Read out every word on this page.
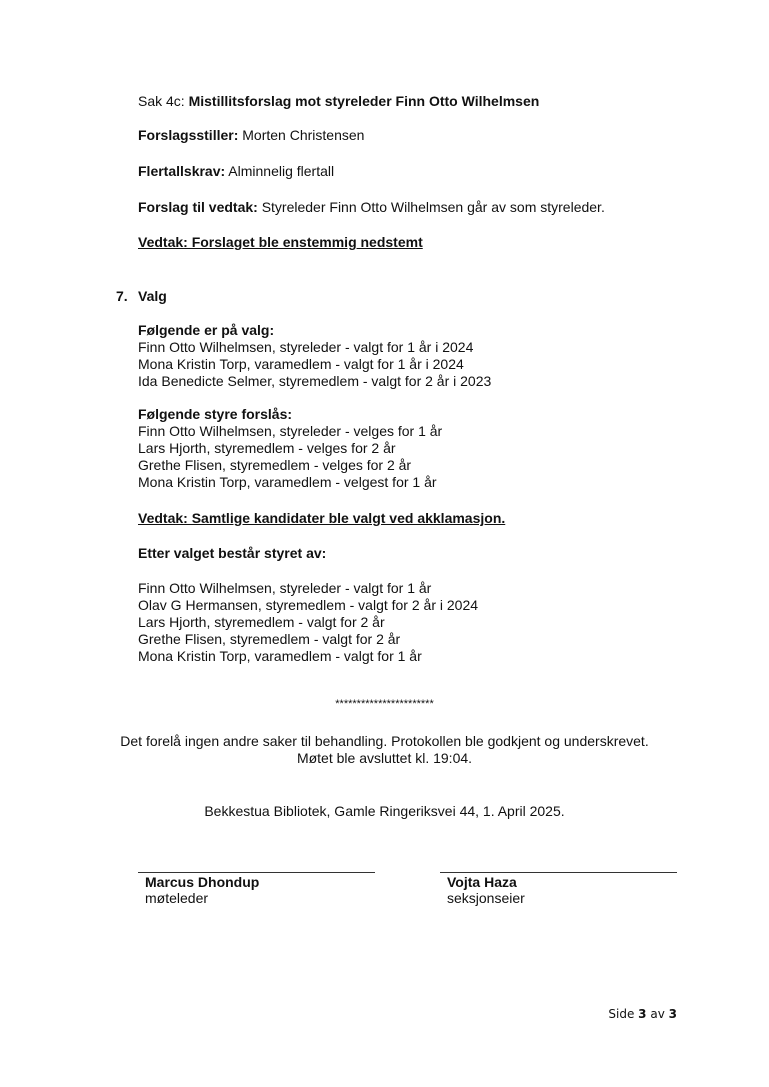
Sak 4c: Mistillitsforslag mot styreleder Finn Otto Wilhelmsen
Forslagsstiller: Morten Christensen
Flertallskrav: Alminnelig flertall
Forslag til vedtak: Styreleder Finn Otto Wilhelmsen går av som styreleder.
Vedtak: Forslaget ble enstemmig nedstemt
7. Valg
Følgende er på valg:
Finn Otto Wilhelmsen, styreleder - valgt for 1 år i 2024
Mona Kristin Torp, varamedlem - valgt for 1 år i 2024
Ida Benedicte Selmer, styremedlem - valgt for 2 år i 2023
Følgende styre forslås:
Finn Otto Wilhelmsen, styreleder - velges for 1 år
Lars Hjorth, styremedlem - velges for 2 år
Grethe Flisen, styremedlem - velges for 2 år
Mona Kristin Torp, varamedlem - velgest for 1 år
Vedtak: Samtlige kandidater ble valgt ved akklamasjon.
Etter valget består styret av:
Finn Otto Wilhelmsen, styreleder - valgt for 1 år
Olav G Hermansen, styremedlem - valgt for 2 år i 2024
Lars Hjorth, styremedlem - valgt for 2 år
Grethe Flisen, styremedlem - valgt for 2 år
Mona Kristin Torp, varamedlem - valgt for 1 år
***********************
Det forelå ingen andre saker til behandling. Protokollen ble godkjent og underskrevet.
Møtet ble avsluttet kl. 19:04.
Bekkestua Bibliotek, Gamle Ringeriksvei 44, 1. April 2025.
Marcus Dhondup
møteleder
Vojta Haza
seksjonseier
Side 3 av 3
